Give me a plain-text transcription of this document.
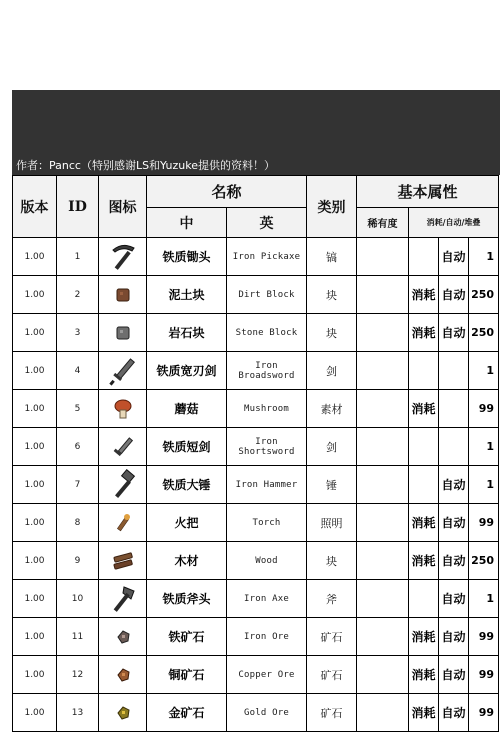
作者：Pancc（特别感谢LS和Yuzuke提供的资料！）
版本	ID	图标	名称		类别	基本属性			
			中	英		稀有度	消耗/自动/堆叠		
1.00	1		铁质锄头	Iron Pickaxe	镐			自动	1
1.00	2		泥土块	Dirt Block	块		消耗	自动	250
1.00	3		岩石块	Stone Block	块		消耗	自动	250
1.00	4		铁质宽刃剑	Iron Broadsword	剑				1
1.00	5		蘑菇	Mushroom	素材		消耗		99
1.00	6		铁质短剑	Iron Shortsword	剑				1
1.00	7		铁质大锤	Iron Hammer	锤			自动	1
1.00	8		火把	Torch	照明		消耗	自动	99
1.00	9		木材	Wood	块		消耗	自动	250
1.00	10		铁质斧头	Iron Axe	斧			自动	1
1.00	11		铁矿石	Iron Ore	矿石		消耗	自动	99
1.00	12		铜矿石	Copper Ore	矿石		消耗	自动	99
1.00	13		金矿石	Gold Ore	矿石		消耗	自动	99
